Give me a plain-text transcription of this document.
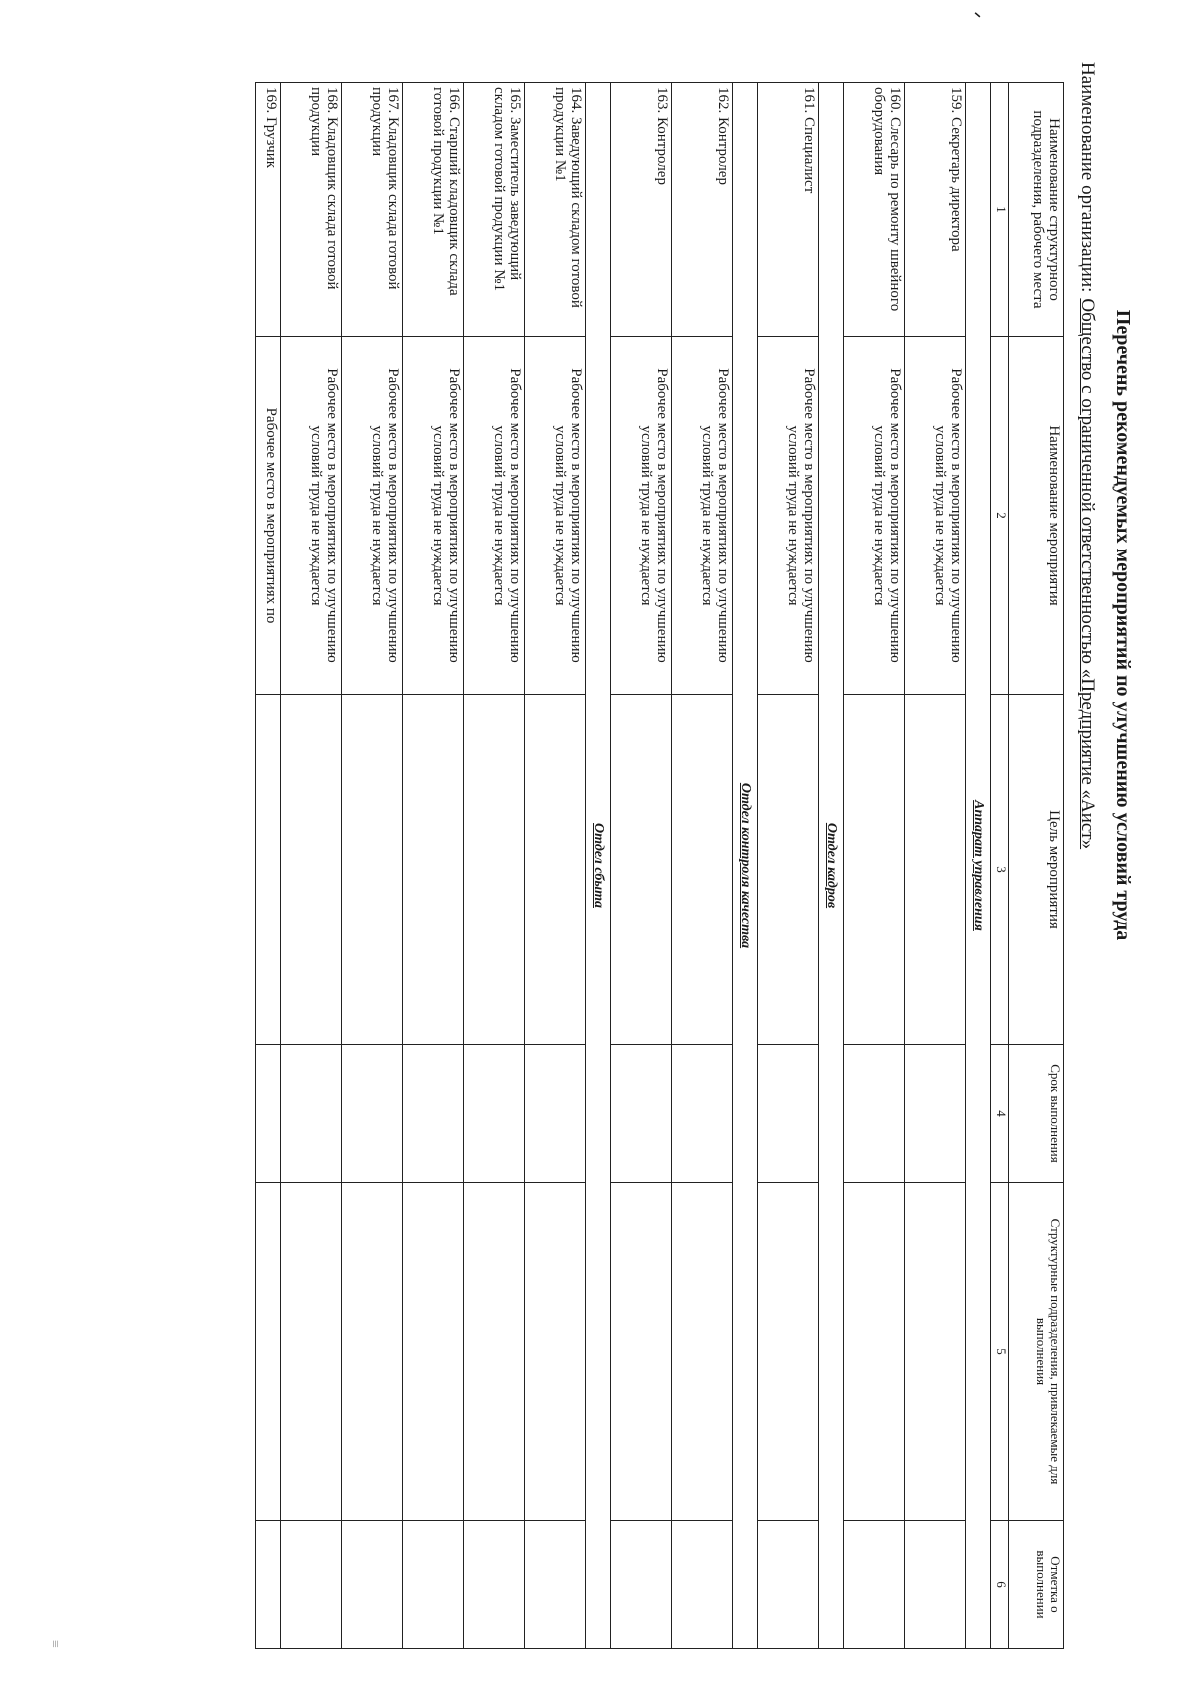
≡
ᐟ
Перечень рекомендуемых мероприятий по улучшению условий труда
Наименование организации:Общество с ограниченной ответственностью «Предприятие «Аист»
Наименование структурного подразделения, рабочего места	Наименование мероприятия	Цель мероприятия	Срок выполнения	Структурные подразделения, привлекаемые для выполнения	Отметка о выполнении
1	2	3	4	5	6
Аппарат управления					
159. Секретарь директора	Рабочее место в мероприятиях по улучшению условий труда не нуждается				
160. Слесарь по ремонту швейного оборудования	Рабочее место в мероприятиях по улучшению условий труда не нуждается				
Отдел кадров					
161. Специалист	Рабочее место в мероприятиях по улучшению условий труда не нуждается				
Отдел контроля качества					
162. Контролер	Рабочее место в мероприятиях по улучшению условий труда не нуждается				
163. Контролер	Рабочее место в мероприятиях по улучшению условий труда не нуждается				
Отдел сбыта					
164. Заведующий складом готовой продукции №1	Рабочее место в мероприятиях по улучшению условий труда не нуждается				
165. Заместитель заведующий складом готовой продукции №1	Рабочее место в мероприятиях по улучшению условий труда не нуждается				
166. Старший кладовщик склада готовой продукции №1	Рабочее место в мероприятиях по улучшению условий труда не нуждается				
167. Кладовщик склада готовой продукции	Рабочее место в мероприятиях по улучшению условий труда не нуждается				
168. Кладовщик склада готовой продукции	Рабочее место в мероприятиях по улучшению условий труда не нуждается				
169. Грузчик	Рабочее место в мероприятиях по				
